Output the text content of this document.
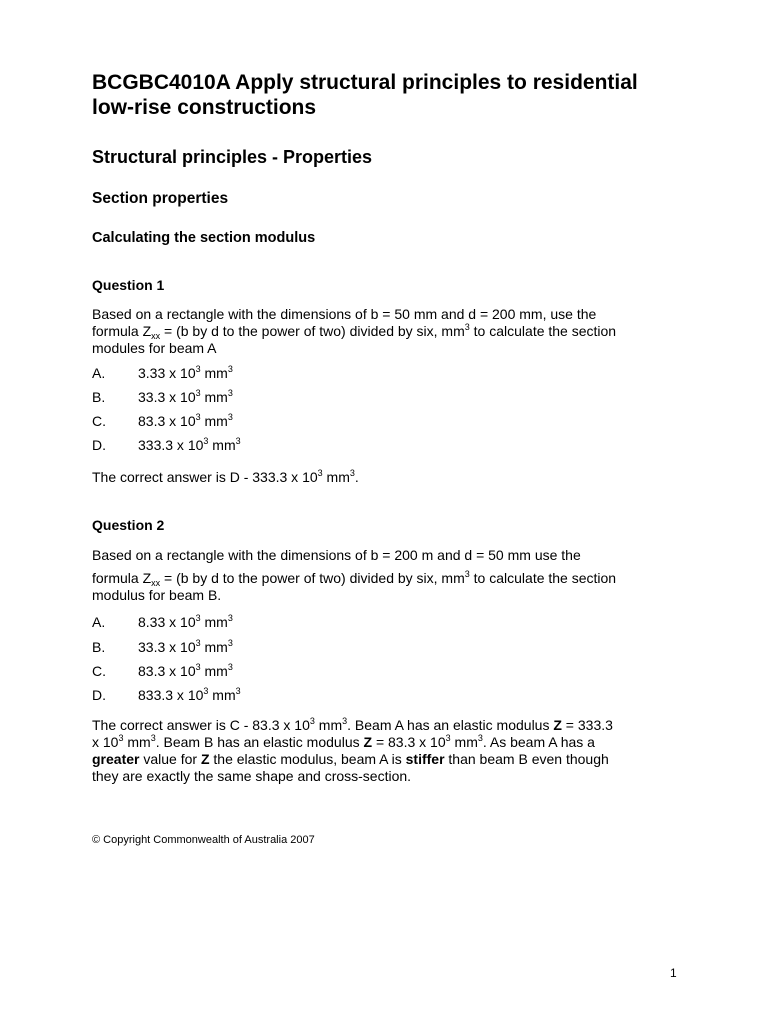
BCGBC4010A Apply structural principles to residential low-rise constructions
Structural principles - Properties
Section properties
Calculating the section modulus
Question 1
Based on a rectangle with the dimensions of b = 50 mm and d = 200 mm, use the
formula $Z_{xx} = (b$ by d to the power of two) divided by six, $mm^3$ to calculate the section
modules for beam A
A. 3.33 x $10^3$ $mm^3$
B. 33.3 x $10^3$ $mm^3$
C. 83.3 x $10^3$ $mm^3$
D. 333.3 x $10^3$ $mm^3$
The correct answer is D - 333.3 x $10^3$ $mm^3$.
Question 2
Based on a rectangle with the dimensions of b = 200 m and d = 50 mm use the
formula $Z_{xx} = (b$ by d to the power of two) divided by six, $mm^3$ to calculate the section
modulus for beam B.
A. 8.33 x $10^3$ $mm^3$
B. 33.3 x $10^3$ $mm^3$
C. 83.3 x $10^3$ $mm^3$
D. 833.3 x $10^3$ $mm^3$
The correct answer is C - 83.3 x $10^3$ $mm^3$. Beam A has an elastic modulus Z = 333.3
x $10^3$ $mm^3$. Beam B has an elastic modulus Z = 83.3 x $10^3$ $mm^3$. As beam A has a
greater value for Z the elastic modulus, beam A is stiffer than beam B even though
they are exactly the same shape and cross-section.
© Copyright Commonwealth of Australia 2007
1
